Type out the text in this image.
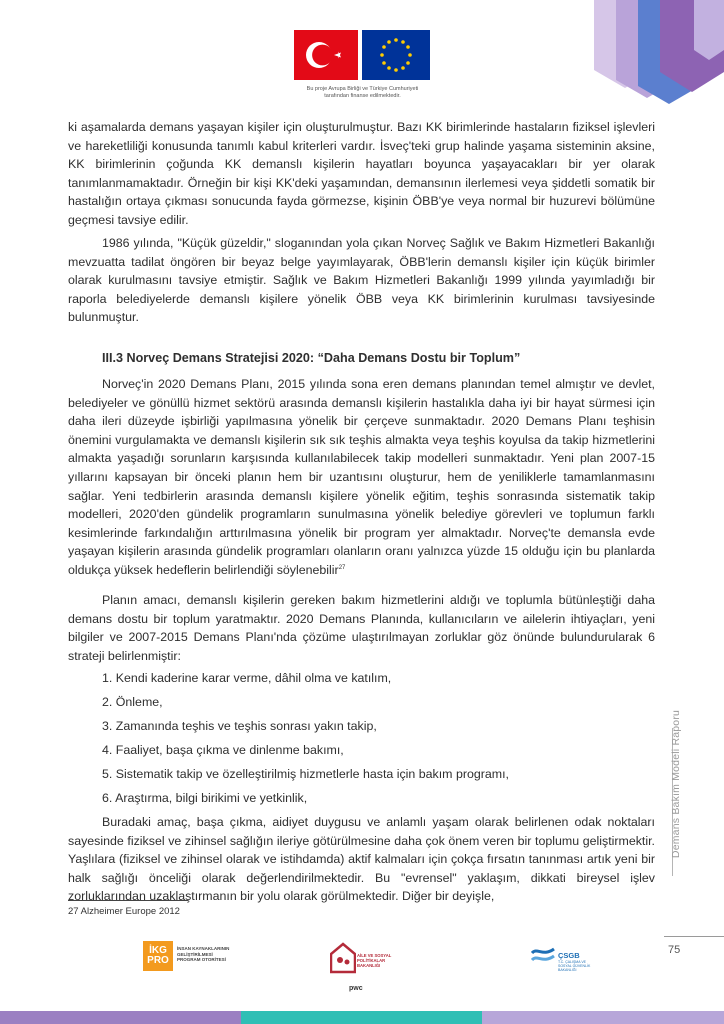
Bu proje Avrupa Birliği ve Türkiye Cumhuriyeti
tarafından finanse edilmektedir.

ki aşamalarda demans yaşayan kişiler için oluşturulmuştur. Bazı KK birimlerinde hastaların fiziksel işlevleri ve hareketliliği konusunda tanımlı kabul kriterleri vardır. İsveç'teki grup halinde yaşama sisteminin aksine, KK birimlerinin çoğunda KK demanslı kişilerin hayatları boyunca yaşayacakları bir yer olarak tanımlanmamaktadır. Örneğin bir kişi KK'deki yaşamından, demansının ilerlemesi veya şiddetli somatik bir hastalığın ortaya çıkması sonucunda fayda görmezse, kişinin ÖBB'ye veya normal bir huzurevi bölümüne geçmesi tavsiye edilir.

1986 yılında, "Küçük güzeldir," sloganından yola çıkan Norveç Sağlık ve Bakım Hizmetleri Bakanlığı mevzuatta tadilat öngören bir beyaz belge yayımlayarak, ÖBB'lerin demanslı kişiler için küçük birimler olarak kurulmasını tavsiye etmiştir. Sağlık ve Bakım Hizmetleri Bakanlığı 1999 yılında yayımladığı bir raporla belediyelerde demanslı kişilere yönelik ÖBB veya KK birimlerinin kurulması tavsiyesinde bulunmuştur.

III.3 Norveç Demans Stratejisi 2020: “Daha Demans Dostu bir Toplum”

Norveç'in 2020 Demans Planı, 2015 yılında sona eren demans planından temel almıştır ve devlet, belediyeler ve gönüllü hizmet sektörü arasında demanslı kişilerin hastalıkla daha iyi bir hayat sürmesi için daha ileri düzeyde işbirliği yapılmasına yönelik bir çerçeve sunmaktadır. 2020 Demans Planı teşhisin önemini vurgulamakta ve demanslı kişilerin sık sık teşhis almakta veya teşhis koyulsa da takip hizmetlerini almakta yaşadığı sorunların karşısında kullanılabilecek takip modelleri sunmaktadır. Yeni plan 2007-15 yıllarını kapsayan bir önceki planın hem bir uzantısını oluşturur, hem de yeniliklerle tamamlanmasını sağlar. Yeni tedbirlerin arasında demanslı kişilere yönelik eğitim, teşhis sonrasında sistematik takip modelleri, 2020'den gündelik programların sunulmasına yönelik belediye görevleri ve toplumun farklı kesimlerinde farkındalığın arttırılmasına yönelik bir program yer almaktadır. Norveç'te demansla evde yaşayan kişilerin arasında gündelik programları olanların oranı yalnızca yüzde 15 olduğu için bu planlarda oldukça yüksek hedeflerin belirlendiği söylenebilir$^{27}$

Planın amacı, demanslı kişilerin gereken bakım hizmetlerini aldığı ve toplumla bütünleştiği daha demans dostu bir toplum yaratmaktır. 2020 Demans Planında, kullanıcıların ve ailelerin ihtiyaçları, yeni bilgiler ve 2007-2015 Demans Planı'nda çözüme ulaştırılmayan zorluklar göz önünde bulundurularak 6 strateji belirlenmiştir:

1. Kendi kaderine karar verme, dâhil olma ve katılım,
2. Önleme,
3. Zamanında teşhis ve teşhis sonrası yakın takip,
4. Faaliyet, başa çıkma ve dinlenme bakımı,
5. Sistematik takip ve özelleştirilmiş hizmetlerle hasta için bakım programı,
6. Araştırma, bilgi birikimi ve yetkinlik,

Buradaki amaç, başa çıkma, aidiyet duygusu ve anlamlı yaşam olarak belirlenen odak noktaları sayesinde fiziksel ve zihinsel sağlığın ileriye götürülmesine daha çok önem veren bir toplumu geliştirmektir. Yaşlılara (fiziksel ve zihinsel olarak ve istihdamda) aktif kalmaları için çokça fırsatın tanınması artık yeni bir halk sağlığı önceliği olarak değerlendirilmektedir. Bu "evrensel" yaklaşım, dikkati bireysel işlev zorluklarından uzaklaştırmanın bir yolu olarak görülmektedir. Diğer bir deyişle,

27 Alzheimer Europe 2012
Demans Bakım Modeli Raporu
75
İKG
PRO
İNSAN KAYNAKLARININ GELİŞTİRİLMESİ PROGRAM OTORİTESİ
AİLE VE SOSYAL POLİTİKALAR BAKANLIĞI
pwc
ÇSGB
T.C. ÇALIŞMA VE SOSYAL GÜVENLİK BAKANLIĞI
